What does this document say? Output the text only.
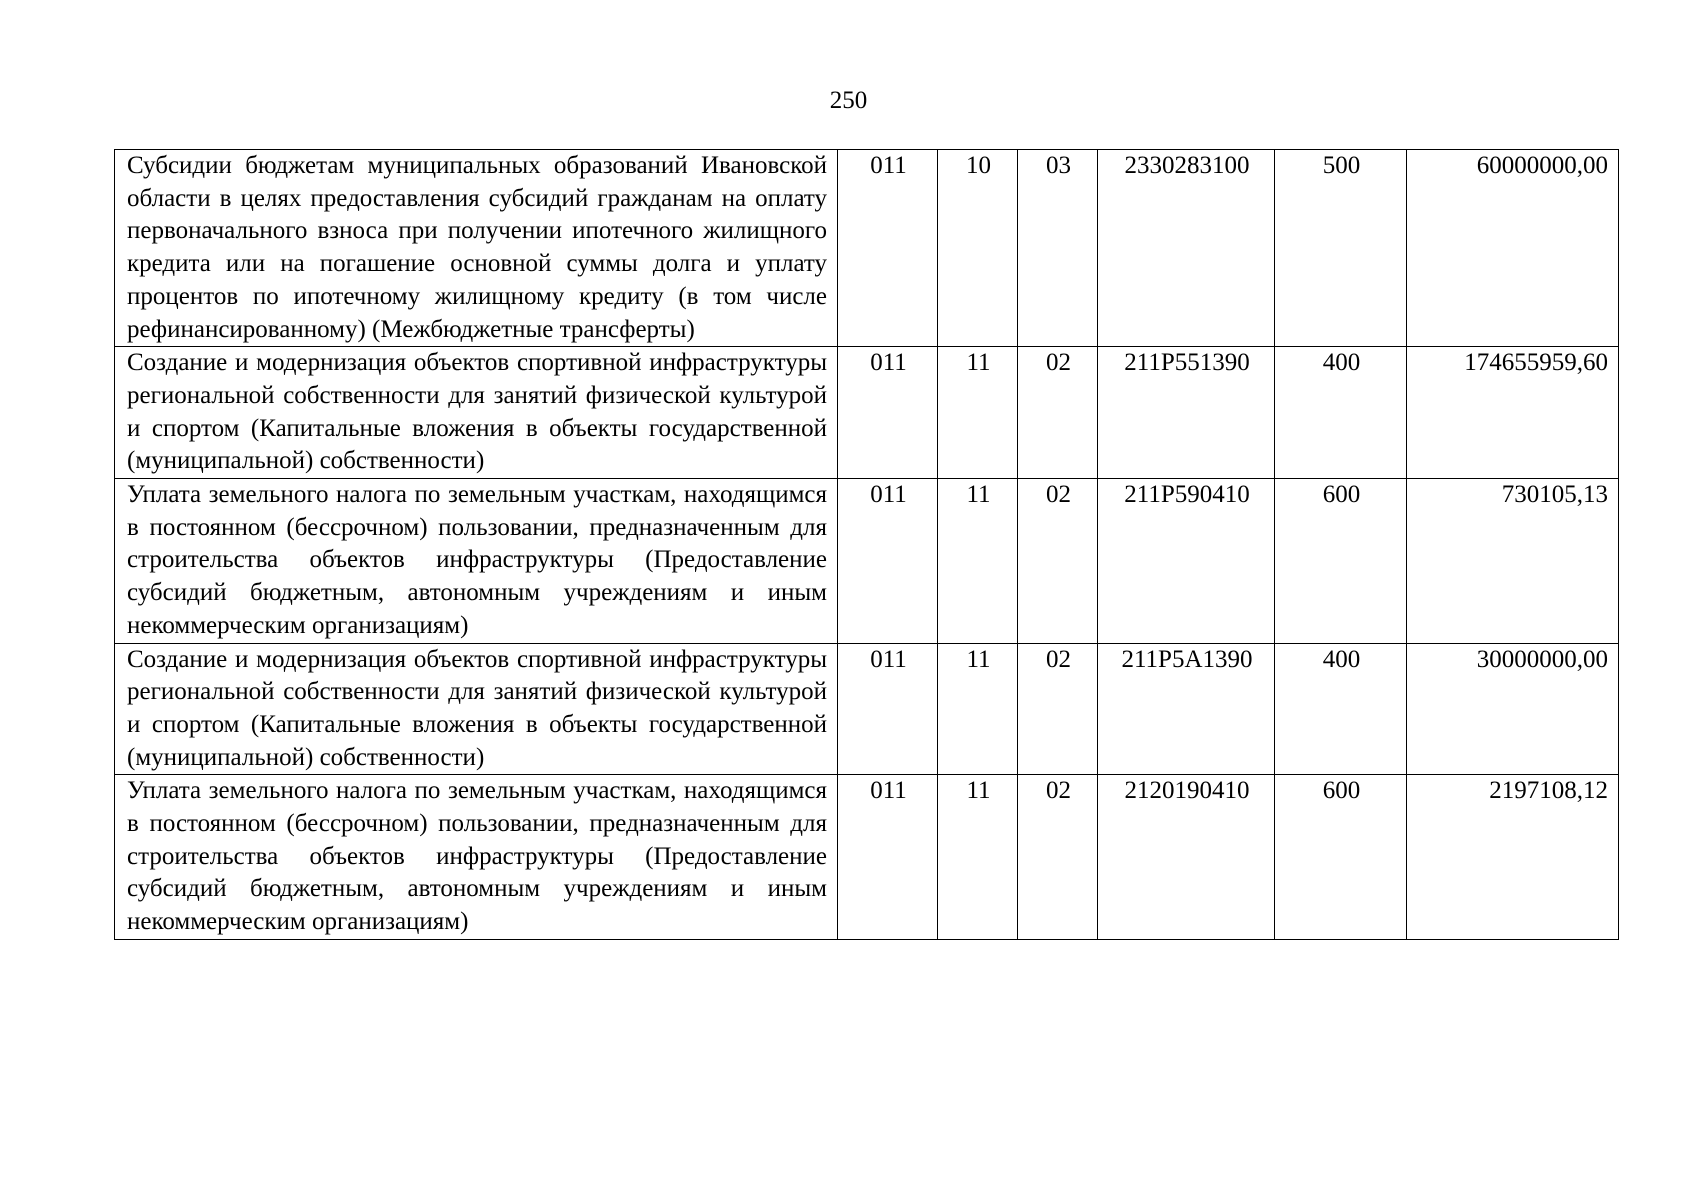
250
Субсидии бюджетам муниципальных образований Ивановской области в целях предоставления субсидий гражданам на оплату первоначального взноса при получении ипотечного жилищного кредита или на погашение основной суммы долга и уплату процентов по ипотечному жилищному кредиту (в том числе рефинансированному) (Межбюджетные трансферты)	011	10	03	2330283100	500	60000000,00
Создание и модернизация объектов спортивной инфраструктуры региональной собственности для занятий физической культурой и спортом (Капитальные вложения в объекты государственной (муниципальной) собственности)	011	11	02	211P551390	400	174655959,60
Уплата земельного налога по земельным участкам, находящимся в постоянном (бессрочном) пользовании, предназначенным для строительства объектов инфраструктуры (Предоставление субсидий бюджетным, автономным учреждениям и иным некоммерческим организациям)	011	11	02	211P590410	600	730105,13
Создание и модернизация объектов спортивной инфраструктуры региональной собственности для занятий физической культурой и спортом (Капитальные вложения в объекты государственной (муниципальной) собственности)	011	11	02	211P5A1390	400	30000000,00
Уплата земельного налога по земельным участкам, находящимся в постоянном (бессрочном) пользовании, предназначенным для строительства объектов инфраструктуры (Предоставление субсидий бюджетным, автономным учреждениям и иным некоммерческим организациям)	011	11	02	2120190410	600	2197108,12
